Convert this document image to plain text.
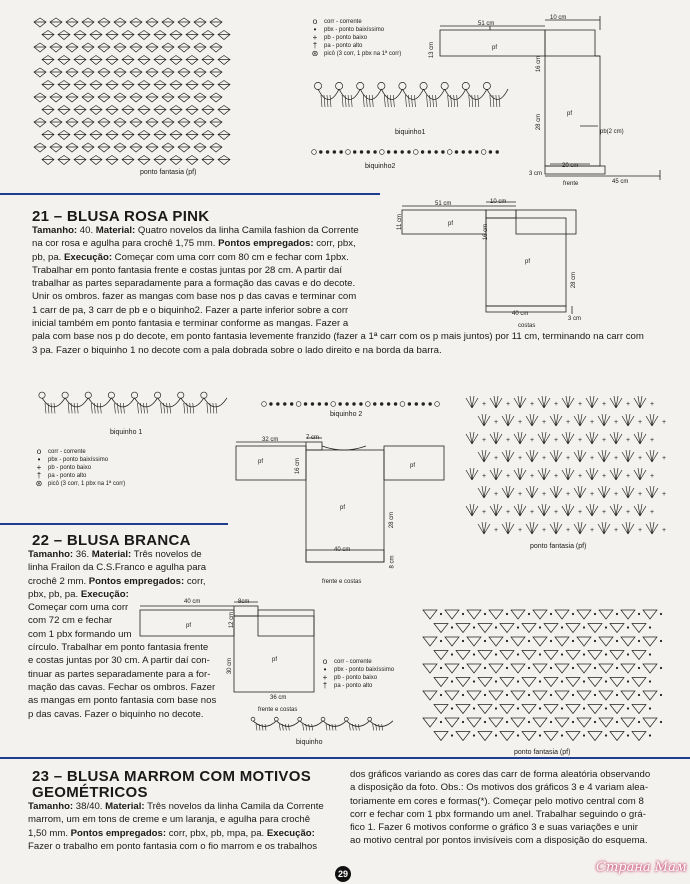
ponto fantasia (pf)
o	corr - corrente
•	pbx - ponto baixíssimo
+	pb - ponto baixo
†	pa - ponto alto
⊛ picô (3 corr, 1 pbx na 1ª corr)
biquinho1
biquinho2
51 cm
10 cm
13 cm
16 cm
pf
pf
28 cm
pb(2 cm)
20 cm
3 cm
45 cm
frente
21 – BLUSA ROSA PINK
Tamanho: 40. Material: Quatro novelos da linha Camila fashion da Corrente
na cor rosa e agulha para crochê 1,75 mm. Pontos empregados: corr, pbx,
pb, pa. Execução: Começar com uma corr com 80 cm e fechar com 1pbx.
Trabalhar em ponto fantasia frente e costas juntas por 28 cm. A partir daí
trabalhar as partes separadamente para a formação das cavas e do decote.
Unir os ombros. fazer as mangas com base nos p das cavas e terminar com
1 carr de pa, 3 carr de pb e o biquinho2. Fazer a parte inferior sobre a corr
inicial também em ponto fantasia e terminar conforme as mangas. Fazer a
pala com base nos p do decote, em ponto fantasia levemente franzido (fazer a 1ª carr com os p mais juntos) por 11 cm, terminando na carr com
3 pa. Fazer o biquinho 1 no decote com a pala dobrada sobre o lado direito e na borda da barra.
51 cm	10 cm
11 cm
16 cm
pf
pf
28 cm
40 cm
3 cm
costas
biquinho 1
biquinho 2
o	corr - corrente
•	pbx - ponto baixíssimo
+	pb - ponto baixo
†	pa - ponto alto
⊛ picô (3 corr, 1 pbx na 1ª corr)
32 cm	7 cm
16 cm
pf
pf
pf
28 cm
40 cm
8 cm
frente e costas
+	+	+	+	+	+	+	+
+	+	+	+	+	+	+	+
+	+	+	+	+	+	+	+
+	+	+	+	+	+	+	+
+	+	+	+	+	+	+	+
+	+	+	+	+	+	+	+
+	+	+	+	+	+	+	+
+	+	+	+	+	+	+	+
ponto fantasia (pf)
22 – BLUSA BRANCA
Tamanho: 36. Material: Três novelos de
linha Frailon da C.S.Franco e agulha para
crochê 2 mm. Pontos empregados: corr,
pbx, pb, pa. Execução:
Começar com uma corr
com 72 cm e fechar
com 1 pbx formando um
círculo. Trabalhar em ponto fantasia frente
e costas juntas por 30 cm. A partir daí con-
tinuar as partes separadamente para a for-
mação das cavas. Fechar os ombros. Fazer
as mangas em ponto fantasia com base nos
p das cavas. Fazer o biquinho no decote.
40 cm	8cm
12 cm
pf
pf
30 cm
36 cm
frente e costas
o	corr - corrente
•	pbx - ponto baixíssimo
+	pb - ponto baixo
†	pa - ponto alto
biquinho
ponto fantasia (pf)
23 – BLUSA MARROM COM MOTIVOS
GEOMÉTRICOS
Tamanho: 38/40. Material: Três novelos da linha Camila da Corrente
marrom, um em tons de creme e um laranja, e agulha para crochê
1,50 mm. Pontos empregados: corr, pbx, pb, mpa, pa. Execução:
Fazer o trabalho em ponto fantasia com o fio marrom e os trabalhos
dos gráficos variando as cores das carr de forma aleatória observando
a disposição da foto. Obs.: Os motivos dos gráficos 3 e 4 variam alea-
toriamente em cores e formas(*). Começar pelo motivo central com 8
corr e fechar com 1 pbx formando um anel. Trabalhar seguindo o grá-
fico 1. Fazer 6 motivos conforme o gráfico 3 e suas variações e unir
ao motivo central por pontos invisíveis com a disposição do esquema.
29	Страна Мам
